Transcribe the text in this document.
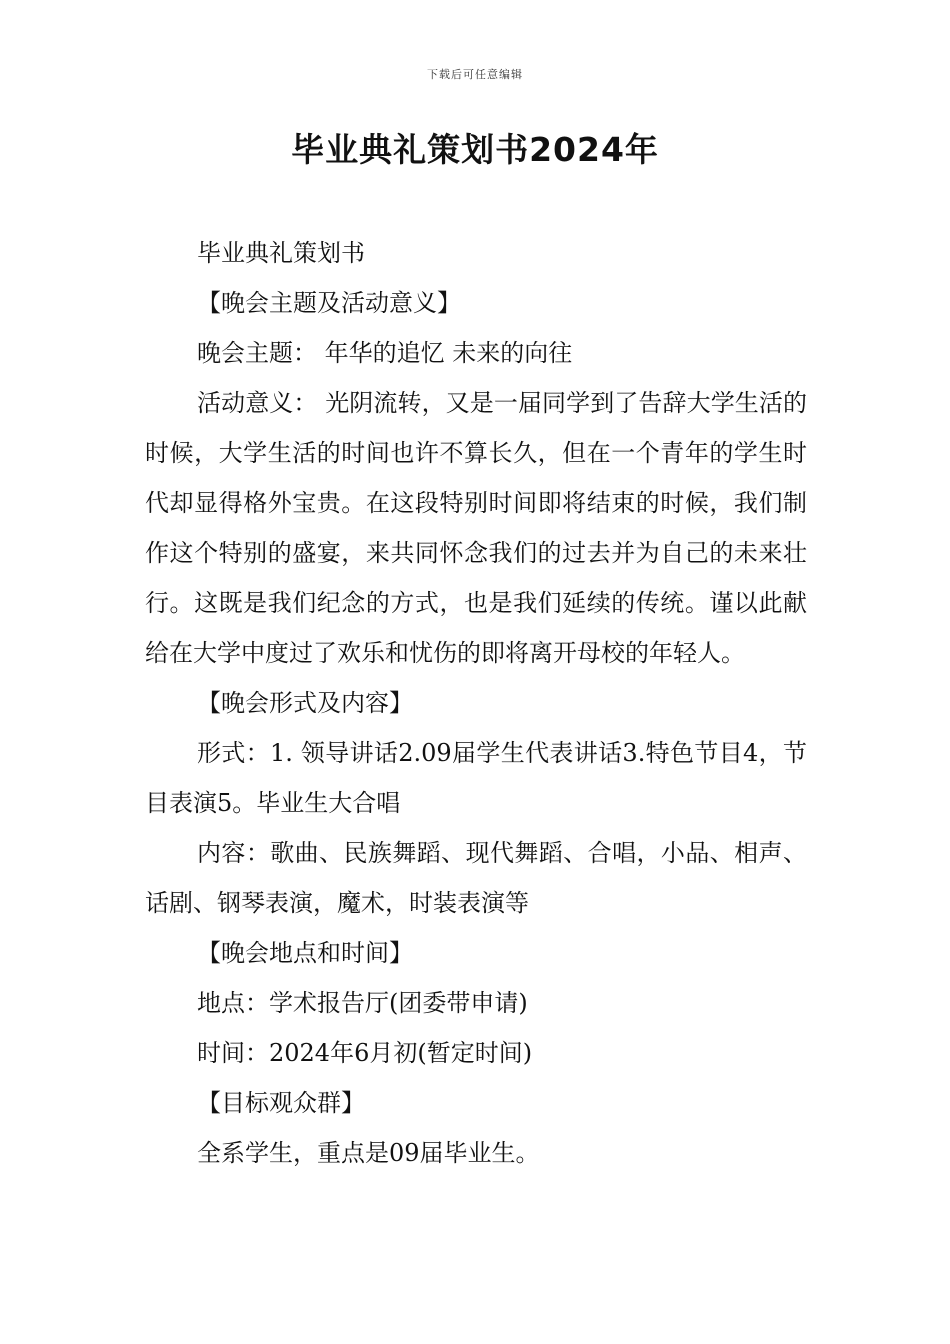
下载后可任意编辑
毕业典礼策划书2024年

毕业典礼策划书

【晚会主题及活动意义】

晚会主题： 年华的追忆 未来的向往

活动意义： 光阴流转，又是一届同学到了告辞大学生活的时候，大学生活的时间也许不算长久，但在一个青年的学生时代却显得格外宝贵。在这段特别时间即将结束的时候，我们制作这个特别的盛宴，来共同怀念我们的过去并为自己的未来壮行。这既是我们纪念的方式，也是我们延续的传统。谨以此献给在大学中度过了欢乐和忧伤的即将离开母校的年轻人。

【晚会形式及内容】

形式：1. 领导讲话2.09届学生代表讲话3.特色节目4，节目表演5。毕业生大合唱

内容：歌曲、民族舞蹈、现代舞蹈、合唱，小品、相声、话剧、钢琴表演，魔术，时装表演等

【晚会地点和时间】

地点：学术报告厅(团委带申请)

时间：2024年6月初(暂定时间)

【目标观众群】

全系学生，重点是09届毕业生。
